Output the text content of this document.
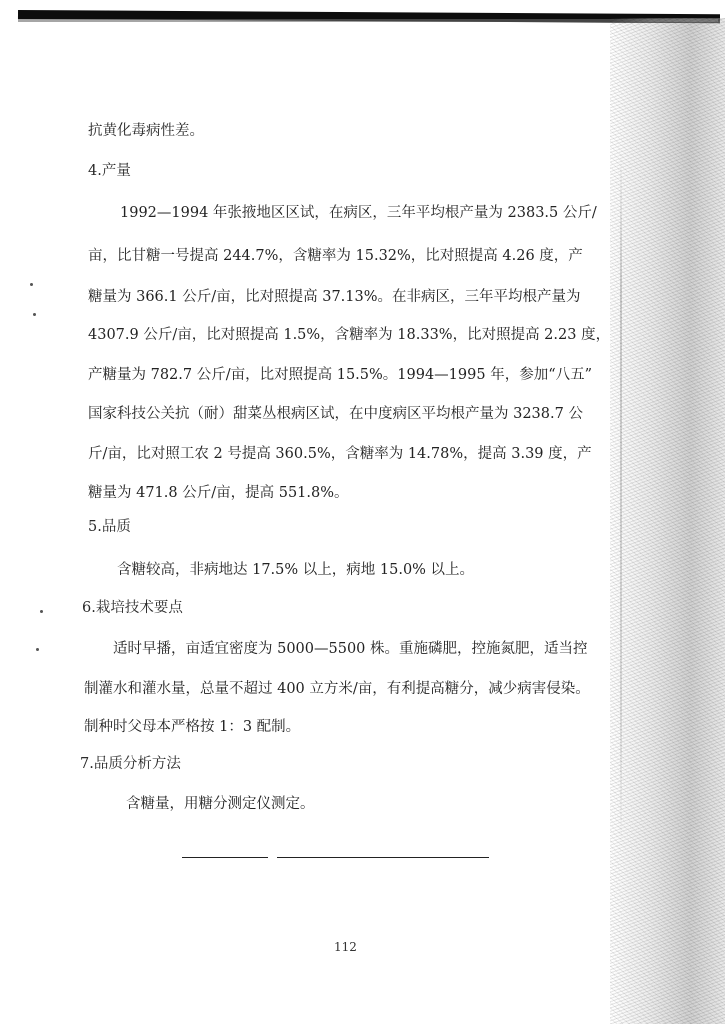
抗黄化毒病性差。

4.产量

1992—1994 年张掖地区区试，在病区，三年平均根产量为 2383.5 公斤/

亩，比甘糖一号提高 244.7%，含糖率为 15.32%，比对照提高 4.26 度，产

糖量为 366.1 公斤/亩，比对照提高 37.13%。在非病区，三年平均根产量为

4307.9 公斤/亩，比对照提高 1.5%，含糖率为 18.33%，比对照提高 2.23 度，

产糖量为 782.7 公斤/亩，比对照提高 15.5%。1994—1995 年，参加“八五”

国家科技公关抗（耐）甜菜丛根病区试，在中度病区平均根产量为 3238.7 公

斤/亩，比对照工农 2 号提高 360.5%，含糖率为 14.78%，提高 3.39 度，产

糖量为 471.8 公斤/亩，提高 551.8%。

5.品质

含糖较高，非病地达 17.5% 以上，病地 15.0% 以上。

6.栽培技术要点

适时早播，亩适宜密度为 5000—5500 株。重施磷肥，控施氮肥，适当控

制灌水和灌水量，总量不超过 400 立方米/亩，有利提高糖分，减少病害侵染。

制种时父母本严格按 1：3 配制。

7.品质分析方法

含糖量，用糖分测定仪测定。

112
